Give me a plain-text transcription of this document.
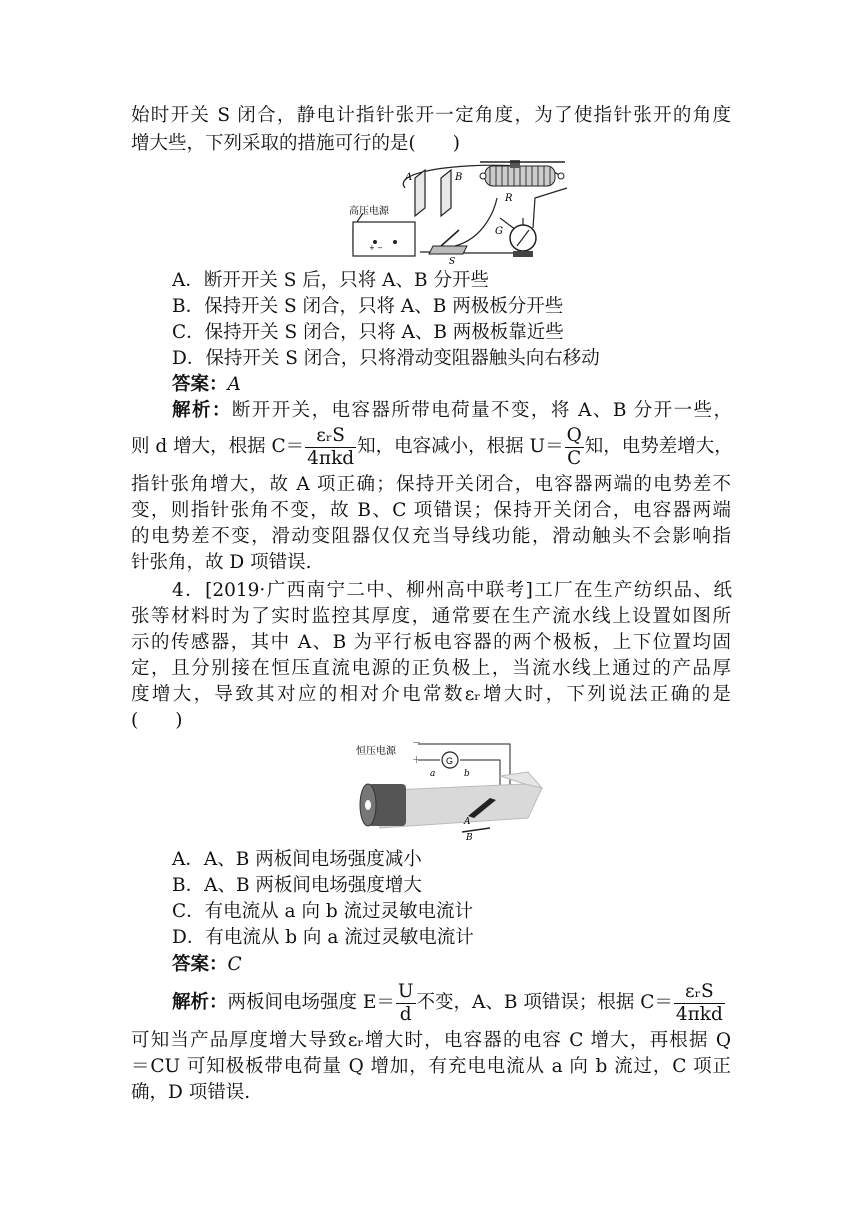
始时开关 S 闭合，静电计指针张开一定角度，为了使指针张开的角度
增大些，下列采取的措施可行的是(　　)
A	B
R
G
+ −
高压电源
S
A．断开开关 S 后，只将 A、B 分开些
B．保持开关 S 闭合，只将 A、B 两极板分开些
C．保持开关 S 闭合，只将 A、B 两极板靠近些
D．保持开关 S 闭合，只将滑动变阻器触头向右移动
答案：A
解析：断开开关，电容器所带电荷量不变，将 A、B 分开一些，
则 d 增大，根据 $C= \frac{\text{εᵣS}}{\text{4πkd}}$ 知，电容减小，根据 $U= \frac{Q}{C}$ 知，电势差增大，
指针张角增大，故 A 项正确；保持开关闭合，电容器两端的电势差不
变，则指针张角不变，故 B、C 项错误；保持开关闭合，电容器两端
的电势差不变，滑动变阻器仅仅充当导线功能，滑动触头不会影响指
针张角，故 D 项错误.
4．[2019·广西南宁二中、柳州高中联考]工厂在生产纺织品、纸
张等材料时为了实时监控其厚度，通常要在生产流水线上设置如图所
示的传感器，其中 A、B 为平行板电容器的两个极板，上下位置均固
定，且分别接在恒压直流电源的正负极上，当流水线上通过的产品厚
度增大，导致其对应的相对介电常数εᵣ增大时，下列说法正确的是
(　　)
恒压电源
－
＋	G
a	b
A
B
A．A、B 两板间电场强度减小
B．A、B 两板间电场强度增大
C．有电流从 a 向 b 流过灵敏电流计
D．有电流从 b 向 a 流过灵敏电流计
答案：C
解析：两板间电场强度 $E= \frac{U}{d}$ 不变，A、B 项错误；根据 $C= \frac{\text{εᵣS}}{\text{4πkd}}$
可知当产品厚度增大导致εᵣ增大时，电容器的电容 C 增大，再根据 Q
＝CU 可知极板带电荷量 Q 增加，有充电电流从 a 向 b 流过，C 项正
确，D 项错误.
